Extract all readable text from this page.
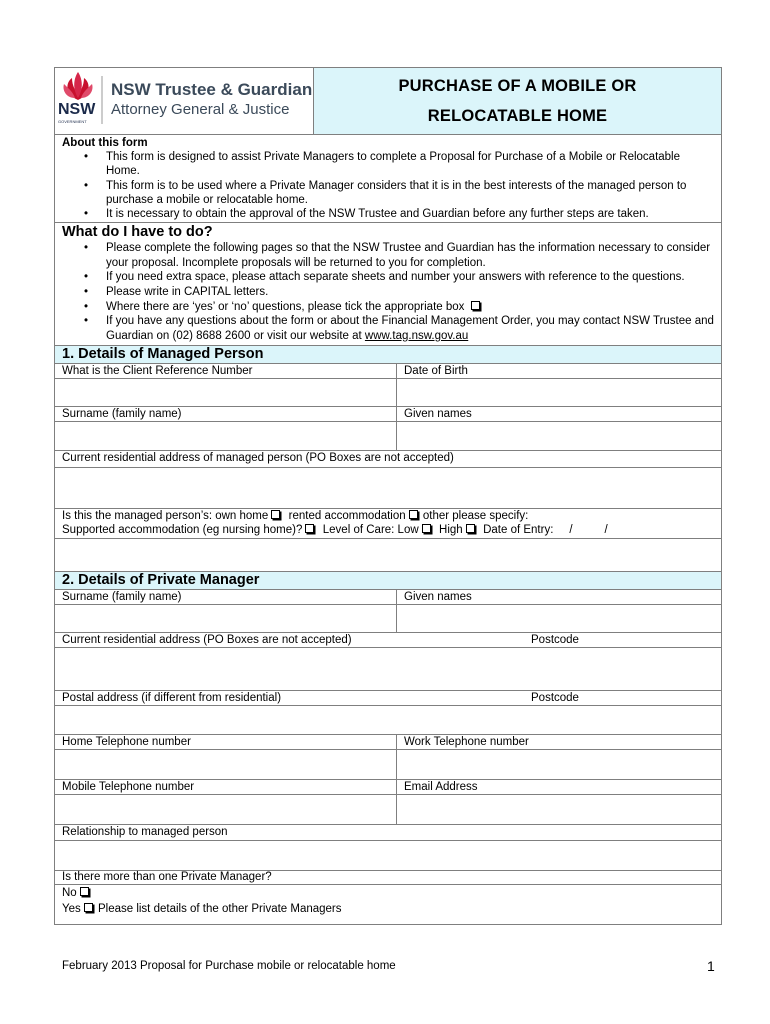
NSW
GOVERNMENT
NSW Trustee & Guardian
Attorney General & Justice
PURCHASE OF A MOBILE OR
RELOCATABLE HOME
About this form
• This form is designed to assist Private Managers to complete a Proposal for Purchase of a Mobile or Relocatable Home.
• This form is to be used where a Private Manager considers that it is in the best interests of the managed person to purchase a mobile or relocatable home.
• It is necessary to obtain the approval of the NSW Trustee and Guardian before any further steps are taken.
What do I have to do?
• Please complete the following pages so that the NSW Trustee and Guardian has the information necessary to consider your proposal. Incomplete proposals will be returned to you for completion.
• If you need extra space, please attach separate sheets and number your answers with reference to the questions.
• Please write in CAPITAL letters.
• Where there are ‘yes’ or ‘no’ questions, please tick the appropriate box
• If you have any questions about the form or about the Financial Management Order, you may contact NSW Trustee and Guardian on (02) 8688 2600 or visit our website at www.tag.nsw.gov.au
1. Details of Managed Person
What is the Client Reference Number	Date of Birth
Surname (family name)	Given names
Current residential address of managed person (PO Boxes are not accepted)
Is this the managed person’s: own home rented accommodation other please specify:
Supported accommodation (eg nursing home)? Level of Care: Low High Date of Entry: /	/
2. Details of Private Manager
Surname (family name)	Given names
Current residential address (PO Boxes are not accepted)	Postcode
Postal address (if different from residential)	Postcode
Home Telephone number	Work Telephone number
Mobile Telephone number	Email Address
Relationship to managed person
Is there more than one Private Manager?
No
Yes Please list details of the other Private Managers
February 2013 Proposal for Purchase mobile or relocatable home	1
